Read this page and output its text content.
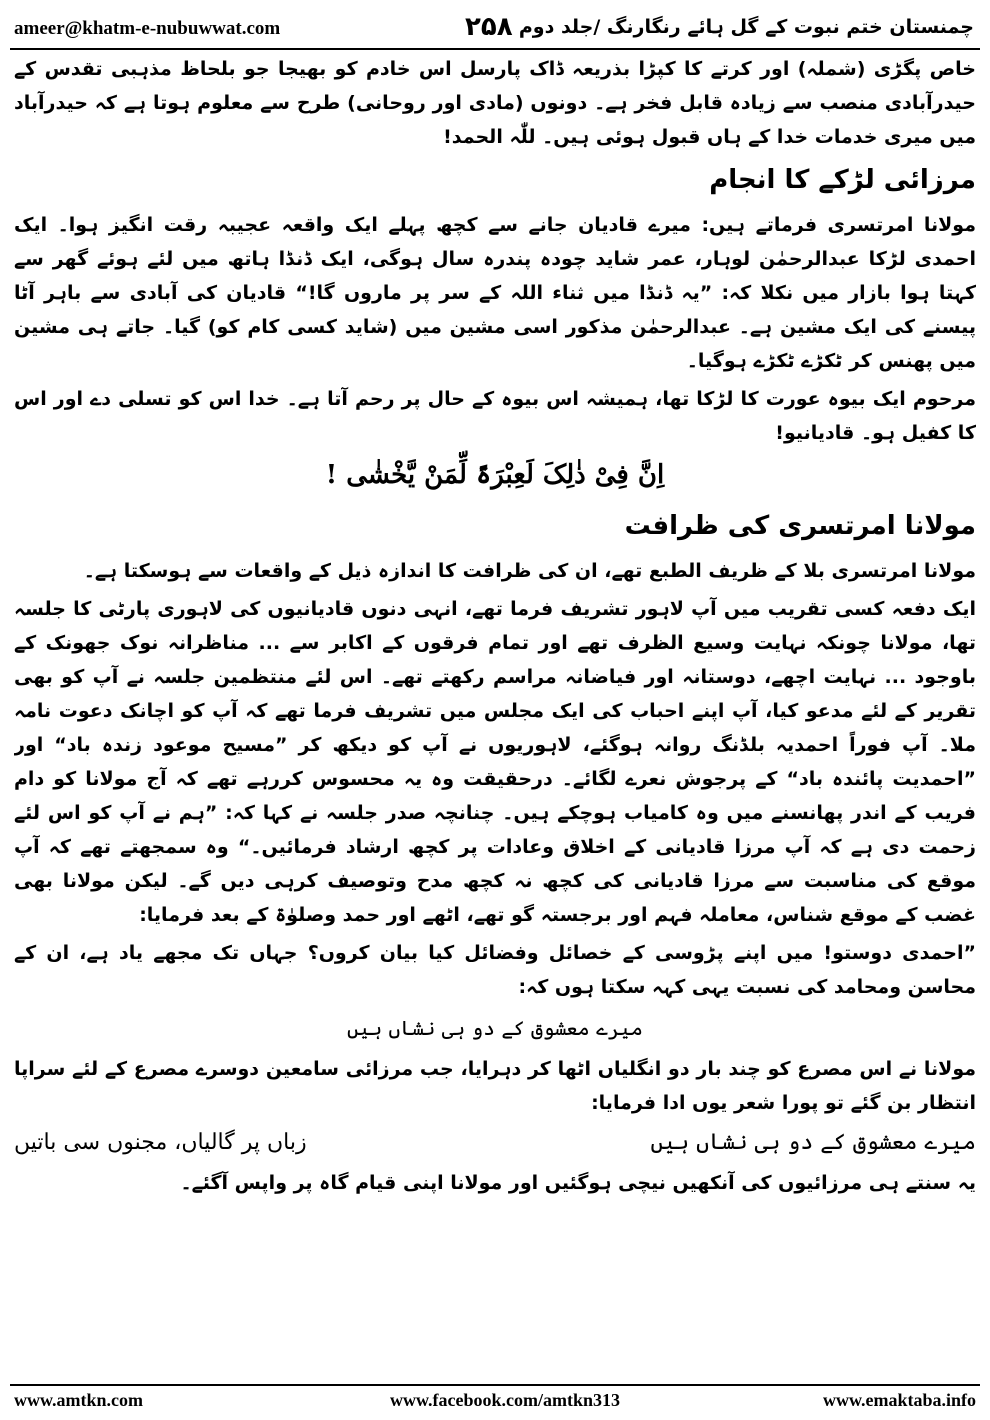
ameer@khatm-e-nubuwwat.com	۲۵۸ چمنستان ختم نبوت کے گل ہائے رنگارنگ /جلد دوم

خاص پگڑی (شملہ) اور کرتے کا کپڑا بذریعہ ڈاک پارسل اس خادم کو بھیجا جو بلحاظ مذہبی تقدس کے حیدرآبادی منصب سے زیادہ قابل فخر ہے۔ دونوں (مادی اور روحانی) طرح سے معلوم ہوتا ہے کہ حیدرآباد میں میری خدمات خدا کے ہاں قبول ہوئی ہیں۔ للّٰہ الحمد!

مرزائی لڑکے کا انجام

مولانا امرتسری فرماتے ہیں: میرے قادیان جانے سے کچھ پہلے ایک واقعہ عجیبہ رقت انگیز ہوا۔ ایک احمدی لڑکا عبدالرحمٰن لوہار، عمر شاید چودہ پندرہ سال ہوگی، ایک ڈنڈا ہاتھ میں لئے ہوئے گھر سے کہتا ہوا بازار میں نکلا کہ: ”یہ ڈنڈا میں ثناء اللہ کے سر پر ماروں گا!“ قادیان کی آبادی سے باہر آٹا پیسنے کی ایک مشین ہے۔ عبدالرحمٰن مذکور اسی مشین میں (شاید کسی کام کو) گیا۔ جاتے ہی مشین میں پھنس کر ٹکڑے ٹکڑے ہوگیا۔

مرحوم ایک بیوہ عورت کا لڑکا تھا، ہمیشہ اس بیوہ کے حال پر رحم آتا ہے۔ خدا اس کو تسلی دے اور اس کا کفیل ہو۔ قادیانیو!

اِنَّ فِیْ ذٰلِکَ لَعِبْرَۃً لِّمَنْ یَّخْشٰی !
مولانا امرتسری کی ظرافت

مولانا امرتسری بلا کے ظریف الطبع تھے، ان کی ظرافت کا اندازہ ذیل کے واقعات سے ہوسکتا ہے۔

ایک دفعہ کسی تقریب میں آپ لاہور تشریف فرما تھے، انہی دنوں قادیانیوں کی لاہوری پارٹی کا جلسہ تھا، مولانا چونکہ نہایت وسیع الظرف تھے اور تمام فرقوں کے اکابر سے ... مناظرانہ نوک جھونک کے باوجود ... نہایت اچھے، دوستانہ اور فیاضانہ مراسم رکھتے تھے۔ اس لئے منتظمین جلسہ نے آپ کو بھی تقریر کے لئے مدعو کیا، آپ اپنے احباب کی ایک مجلس میں تشریف فرما تھے کہ آپ کو اچانک دعوت نامہ ملا۔ آپ فوراً احمدیہ بلڈنگ روانہ ہوگئے، لاہوریوں نے آپ کو دیکھ کر ”مسیح موعود زندہ باد“ اور ”احمدیت پائندہ باد“ کے پرجوش نعرے لگائے۔ درحقیقت وہ یہ محسوس کررہے تھے کہ آج مولانا کو دام فریب کے اندر پھانسنے میں وہ کامیاب ہوچکے ہیں۔ چنانچہ صدر جلسہ نے کہا کہ: ”ہم نے آپ کو اس لئے زحمت دی ہے کہ آپ مرزا قادیانی کے اخلاق وعادات پر کچھ ارشاد فرمائیں۔“ وہ سمجھتے تھے کہ آپ موقع کی مناسبت سے مرزا قادیانی کی کچھ نہ کچھ مدح وتوصیف کرہی دیں گے۔ لیکن مولانا بھی غضب کے موقع شناس، معاملہ فہم اور برجستہ گو تھے، اٹھے اور حمد وصلوٰۃ کے بعد فرمایا:

”احمدی دوستو! میں اپنے پڑوسی کے خصائل وفضائل کیا بیان کروں؟ جہاں تک مجھے یاد ہے، ان کے محاسن ومحامد کی نسبت یہی کہہ سکتا ہوں کہ:

میرے معشوق کے دو ہی نشاں ہیں

مولانا نے اس مصرع کو چند بار دو انگلیاں اٹھا کر دہرایا، جب مرزائی سامعین دوسرے مصرع کے لئے سراپا انتظار بن گئے تو پورا شعر یوں ادا فرمایا:

میرے معشوق کے دو ہی نشاں ہیں
زباں پر گالیاں، مجنوں سی باتیں

یہ سنتے ہی مرزائیوں کی آنکھیں نیچی ہوگئیں اور مولانا اپنی قیام گاہ پر واپس آگئے۔

www.amtkn.com	www.facebook.com/amtkn313	www.emaktaba.info
